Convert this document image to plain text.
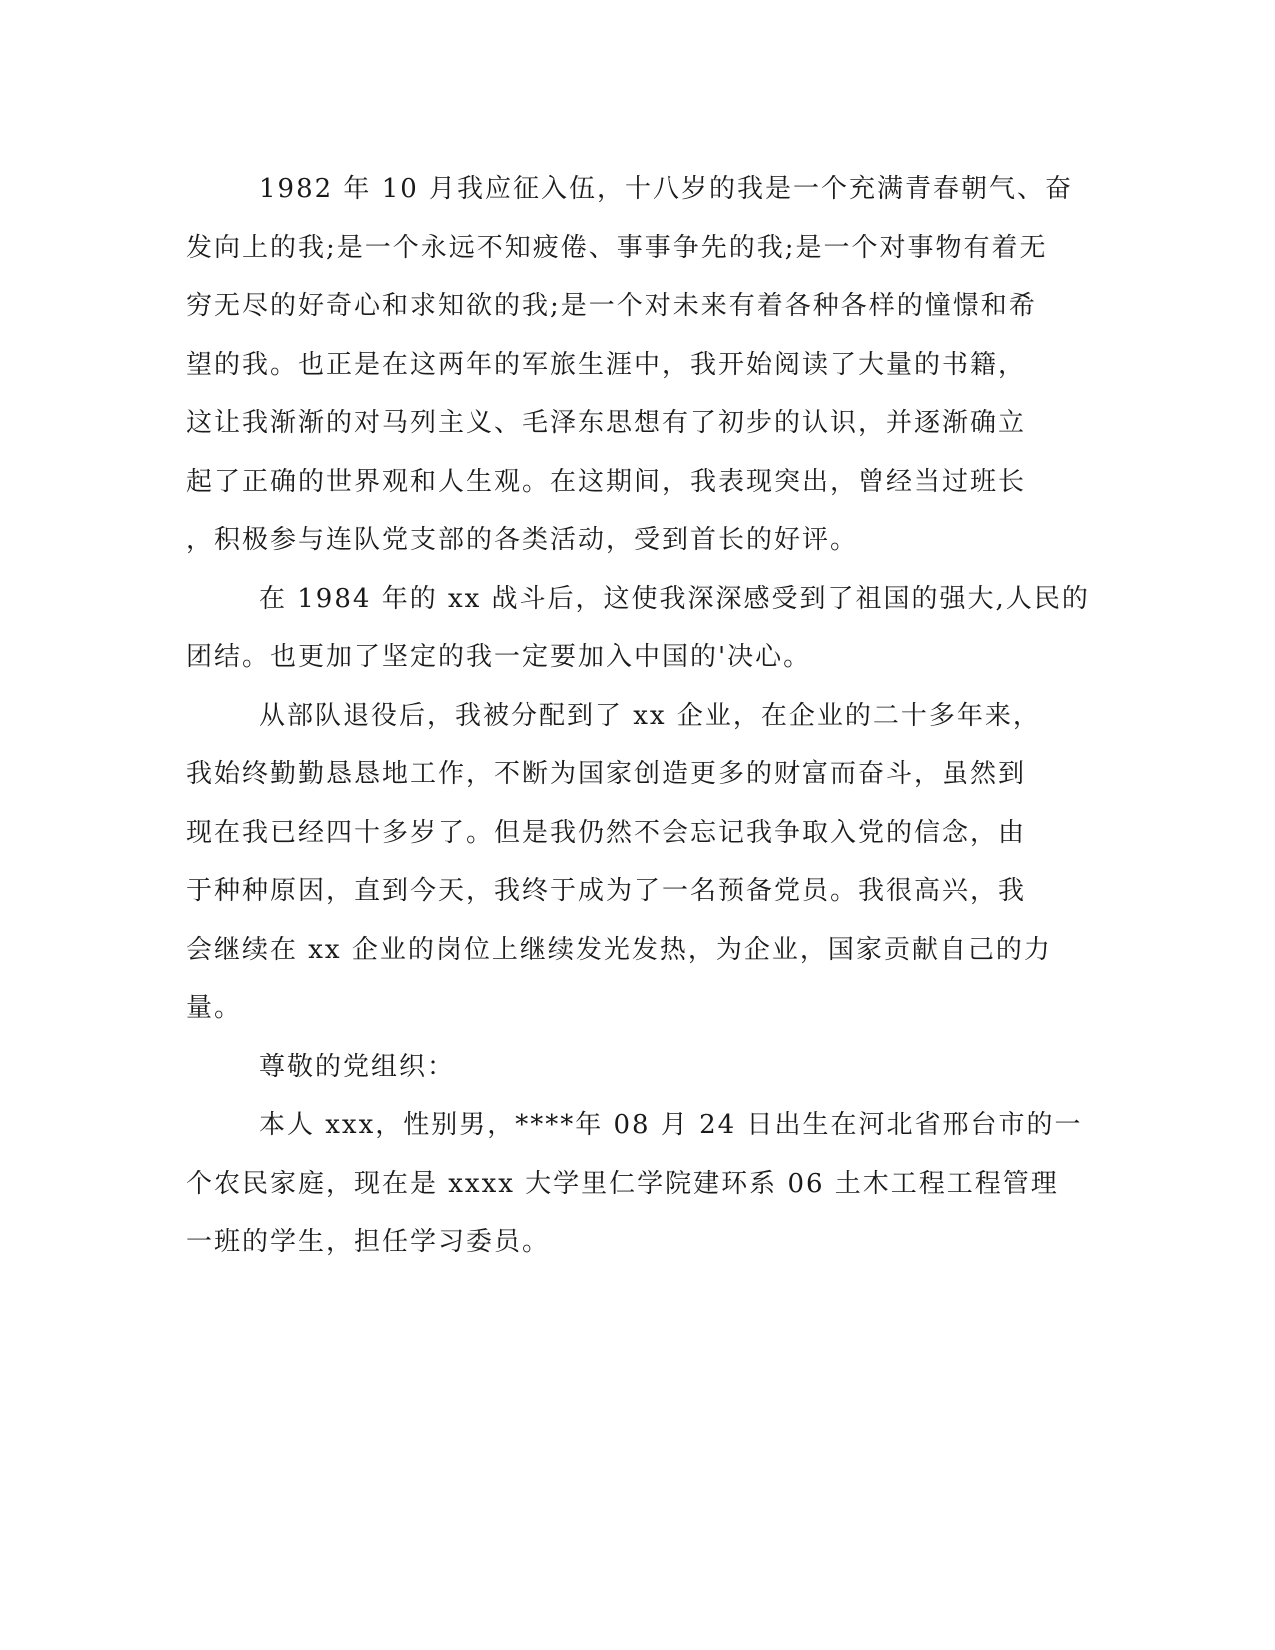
1982 年 10 月我应征入伍，十八岁的我是一个充满青春朝气、奋
发向上的我;是一个永远不知疲倦、事事争先的我;是一个对事物有着无
穷无尽的好奇心和求知欲的我;是一个对未来有着各种各样的憧憬和希
望的我。也正是在这两年的军旅生涯中，我开始阅读了大量的书籍，
这让我渐渐的对马列主义、毛泽东思想有了初步的认识，并逐渐确立
起了正确的世界观和人生观。在这期间，我表现突出，曾经当过班长
，积极参与连队党支部的各类活动，受到首长的好评。
在 1984 年的 xx 战斗后，这使我深深感受到了祖国的强大,人民的
团结。也更加了坚定的我一定要加入中国的'决心。
从部队退役后，我被分配到了 xx 企业，在企业的二十多年来，
我始终勤勤恳恳地工作，不断为国家创造更多的财富而奋斗，虽然到
现在我已经四十多岁了。但是我仍然不会忘记我争取入党的信念，由
于种种原因，直到今天，我终于成为了一名预备党员。我很高兴，我
会继续在 xx 企业的岗位上继续发光发热，为企业，国家贡献自己的力
量。
尊敬的党组织：
本人 xxx，性别男，****年 08 月 24 日出生在河北省邢台市的一
个农民家庭，现在是 xxxx 大学里仁学院建环系 06 土木工程工程管理
一班的学生，担任学习委员。
